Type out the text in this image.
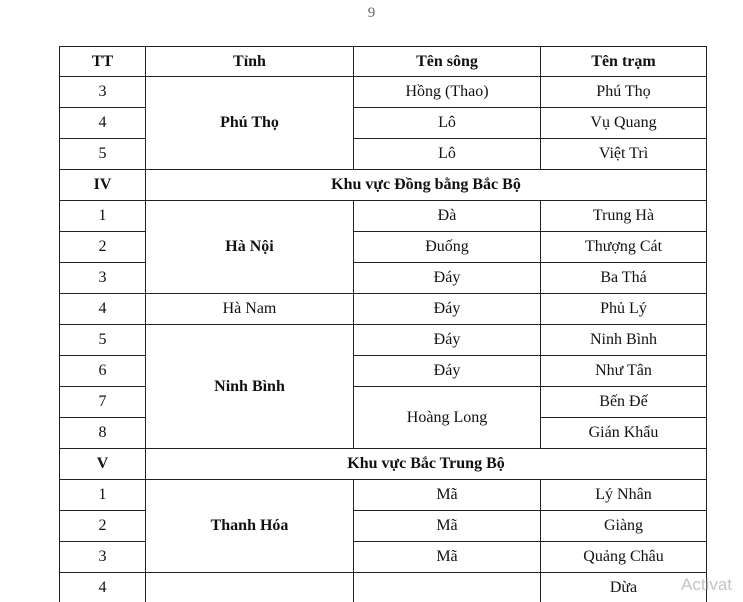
9
TT	Tỉnh	Tên sông	Tên trạm
3	Phú Thọ	Hồng (Thao)	Phú Thọ
4		Lô	Vụ Quang
5		Lô	Việt Trì
IV	Khu vực Đồng bằng Bắc Bộ		
1	Hà Nội	Đà	Trung Hà
2		Đuống	Thượng Cát
3		Đáy	Ba Thá
4	Hà Nam	Đáy	Phủ Lý
5	Ninh Bình	Đáy	Ninh Bình
6		Đáy	Như Tân
7		Hoàng Long	Bến Đế
8			Gián Khẩu
V	Khu vực Bắc Trung Bộ		
1	Thanh Hóa	Mã	Lý Nhân
2		Mã	Giàng
3		Mã	Quảng Châu
4			Dừa
		Activat
